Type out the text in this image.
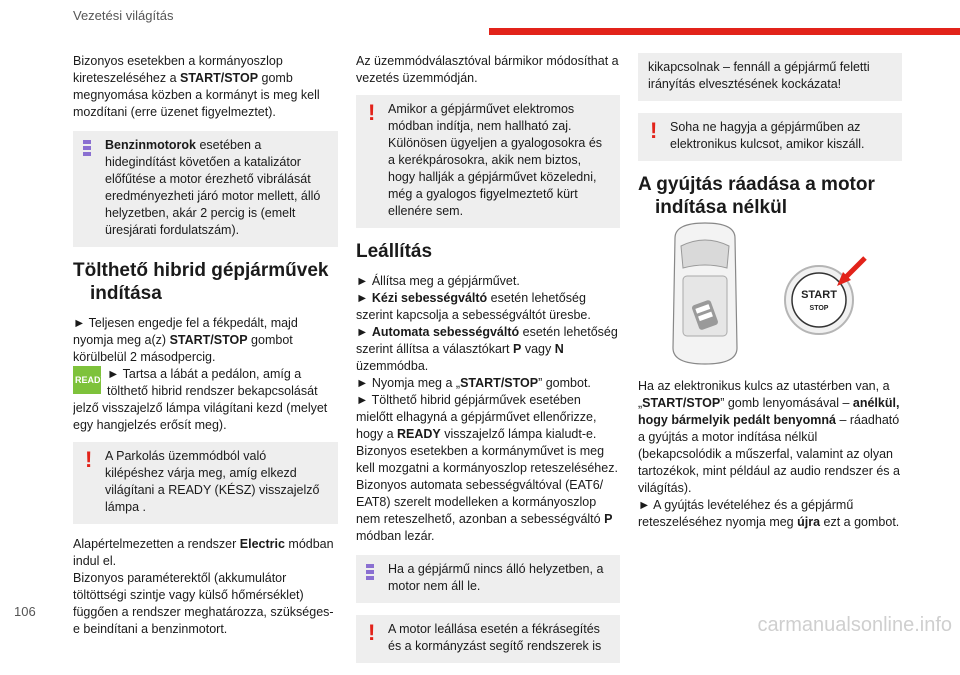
Vezetési világítás

Bizonyos esetekben a kormányoszlop kireteszeléséhez a START/STOP gomb megnyomása közben a kormányt is meg kell mozdítani (erre üzenet figyelmeztet).

Benzinmotorok esetében a hidegindítást követően a katalizátor előfűtése a motor érezhető vibrálását eredményezheti járó motor mellett, álló helyzetben, akár 2 percig is (emelt üresjárati fordulatszám).
Tölthető hibrid gépjárművek
indítása

► Teljesen engedje fel a fékpedált, majd nyomja meg a(z) START/STOP gombot körülbelül 2 másodpercig.

READY ► Tartsa a lábát a pedálon, amíg a tölthető hibrid rendszer bekapcsolását jelző visszajelző lámpa világítani kezd (melyet egy hangjelzés erősít meg).

!	A Parkolás üzemmódból való kilépéshez várja meg, amíg elkezd világítani a READY (KÉSZ) visszajelző lámpa .

Alapértelmezetten a rendszer Electric módban indul el.

Bizonyos paraméterektől (akkumulátor töltöttségi szintje vagy külső hőmérséklet) függően a rendszer meghatározza, szükséges-e beindítani a benzinmotort.

Az üzemmódválasztóval bármikor módosíthat a vezetés üzemmódján.

!	Amikor a gépjárművet elektromos módban indítja, nem hallható zaj. Különösen ügyeljen a gyalogosokra és a kerékpárosokra, akik nem biztos, hogy hallják a gépjárművet közeledni, még a gyalogos figyelmeztető kürt ellenére sem.
Leállítás

► Állítsa meg a gépjárművet.

► Kézi sebességváltó esetén lehetőség szerint kapcsolja a sebességváltót üresbe.

► Automata sebességváltó esetén lehetőség szerint állítsa a választókart P vagy N üzemmódba.

► Nyomja meg a „START/STOP” gombot.

► Tölthető hibrid gépjárművek esetében mielőtt elhagyná a gépjárművet ellenőrizze, hogy a READY visszajelző lámpa kialudt-e.

Bizonyos esetekben a kormányművet is meg kell mozgatni a kormányoszlop reteszeléséhez.

Bizonyos automata sebességváltóval (EAT6/ EAT8) szerelt modelleken a kormányoszlop nem reteszelhető, azonban a sebességváltó P módban lezár.

Ha a gépjármű nincs álló helyzetben, a motor nem áll le.
!	A motor leállása esetén a fékrásegítés és a kormányzást segítő rendszerek is
kikapcsolnak – fennáll a gépjármű feletti irányítás elvesztésének kockázata!
!	Soha ne hagyja a gépjárműben az elektronikus kulcsot, amikor kiszáll.
A gyújtás ráadása a motor
indítása nélkül
START
STOP

Ha az elektronikus kulcs az utastérben van, a „START/STOP” gomb lenyomásával – anélkül, hogy bármelyik pedált benyomná – ráadható a gyújtás a motor indítása nélkül (bekapcsolódik a műszerfal, valamint az olyan tartozékok, mint például az audio rendszer és a világítás).

► A gyújtás levételéhez és a gépjármű reteszeléséhez nyomja meg újra ezt a gombot.

106
carmanualsonline.info
